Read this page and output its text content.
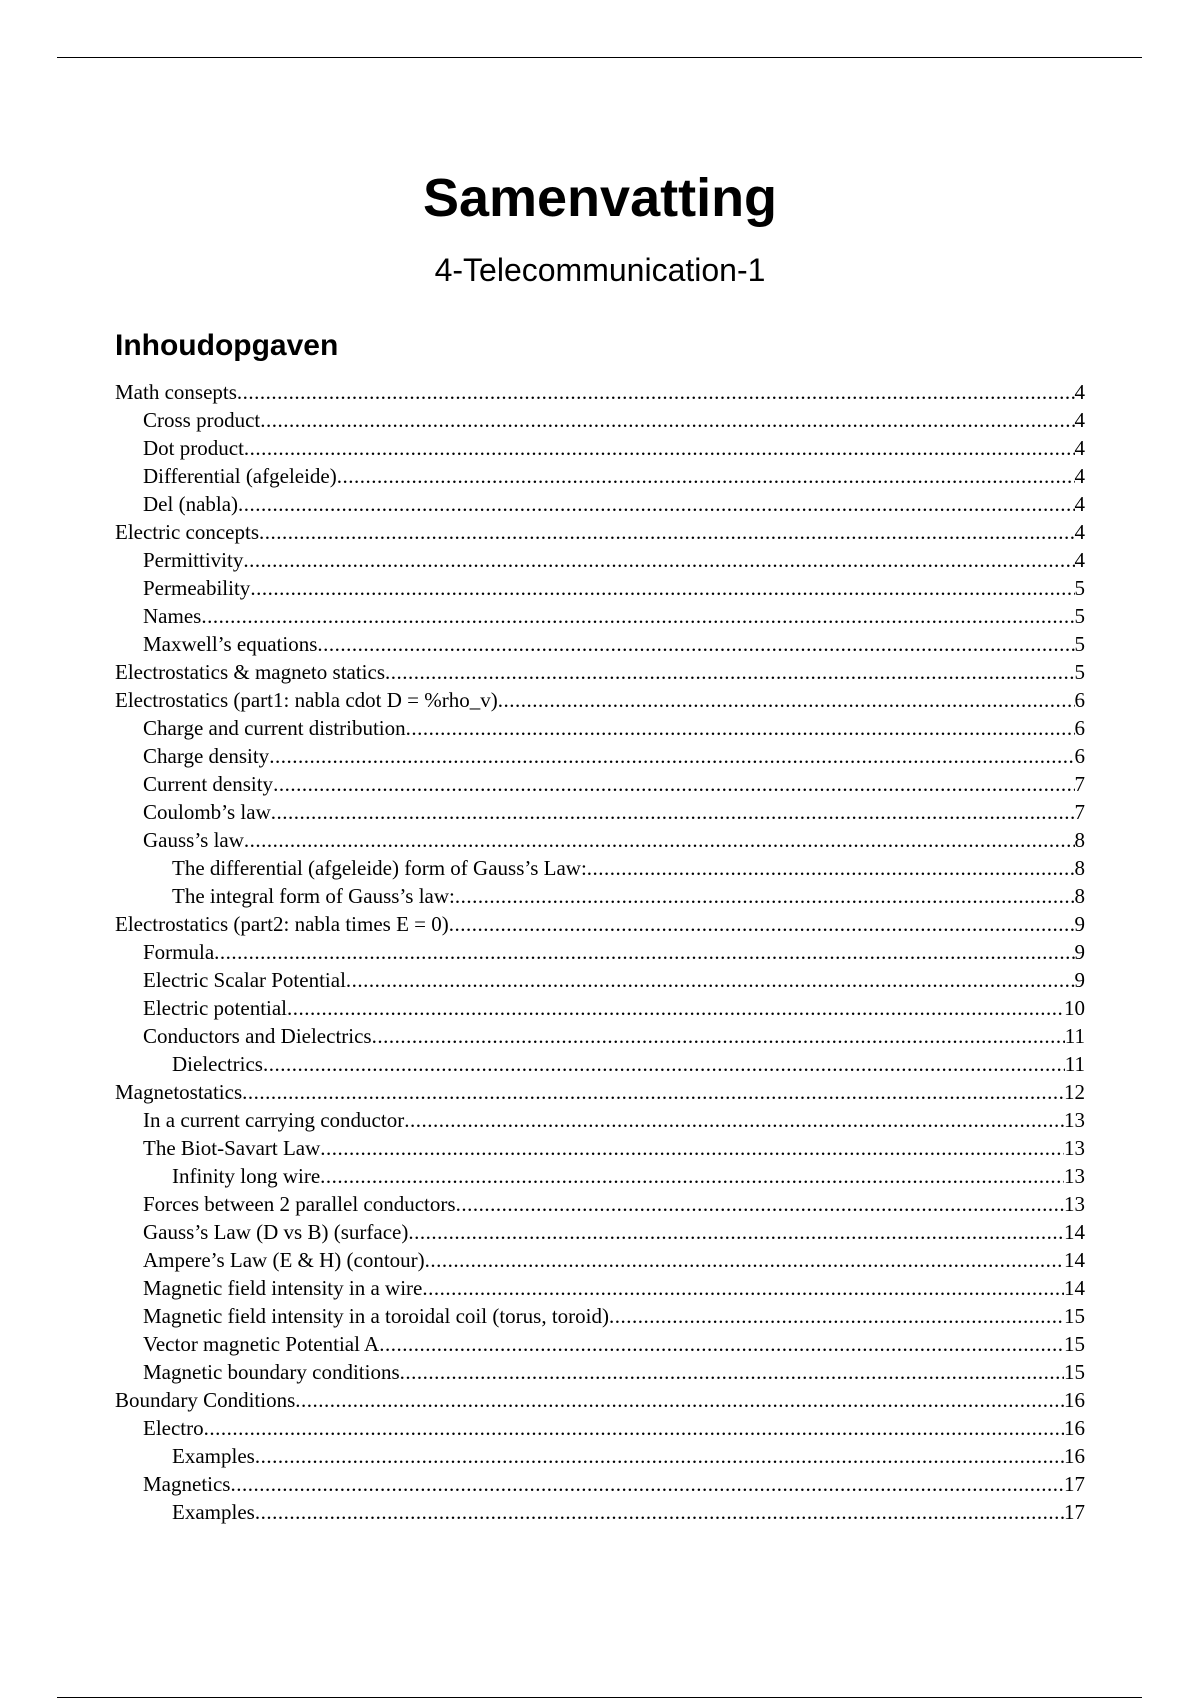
Samenvatting
4-Telecommunication-1
Inhoudopgaven
Math consepts .....	4
Cross product .....	4
Dot product .....	4
Differential (afgeleide) .....	4
Del (nabla) .....	4
Electric concepts .....	4
Permittivity .....	4
Permeability .....	5
Names .....	5
Maxwell’s equations .....	5
Electrostatics & magneto statics .....	5
Electrostatics (part1: nabla cdot D = %rho_v) .....	6
Charge and current distribution .....	6
Charge density .....	6
Current density .....	7
Coulomb’s law .....	7
Gauss’s law .....	8
The differential (afgeleide) form of Gauss’s Law: .....	8
The integral form of Gauss’s law: .....	8
Electrostatics (part2: nabla times E = 0) .....	9
Formula .....	9
Electric Scalar Potential .....	9
Electric potential .....	10
Conductors and Dielectrics .....	11
Dielectrics .....	11
Magnetostatics .....	12
In a current carrying conductor .....	13
The Biot-Savart Law .....	13
Infinity long wire .....	13
Forces between 2 parallel conductors .....	13
Gauss’s Law (D vs B) (surface) .....	14
Ampere’s Law (E & H) (contour) .....	14
Magnetic field intensity in a wire .....	14
Magnetic field intensity in a toroidal coil (torus, toroid) .....	15
Vector magnetic Potential A .....	15
Magnetic boundary conditions .....	15
Boundary Conditions .....	16
Electro .....	16
Examples .....	16
Magnetics .....	17
Examples .....	17
